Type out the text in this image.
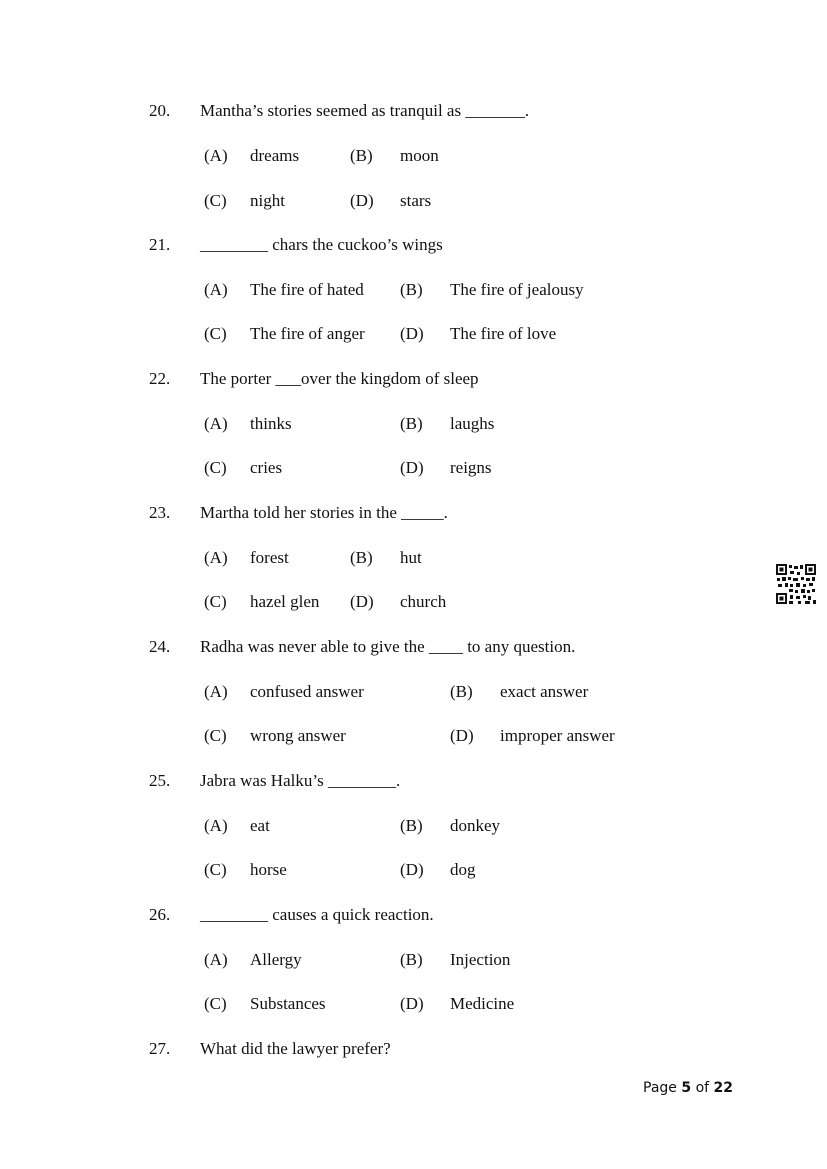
20. Mantha’s stories seemed as tranquil as _______.
(A) dreams	(B) moon
(C) night	(D) stars
21. ________ chars the cuckoo’s wings
(A) The fire of hated (B) The fire of jealousy
(C) The fire of anger (D) The fire of love
22. The porter ___over the kingdom of sleep
(A) thinks	(B) laughs
(C) cries	(D) reigns
23. Martha told her stories in the _____.
(A) forest	(B) hut
(C) hazel glen (D) church
24. Radha was never able to give the ____ to any question.
(A) confused answer	(B) exact answer
(C) wrong answer	(D) improper answer
25. Jabra was Halku’s ________.
(A) eat	(B) donkey
(C) horse	(D) dog
26. ________ causes a quick reaction.
(A) Allergy	(B) Injection
(C) Substances	(D) Medicine
27. What did the lawyer prefer?
Page 5 of 22
